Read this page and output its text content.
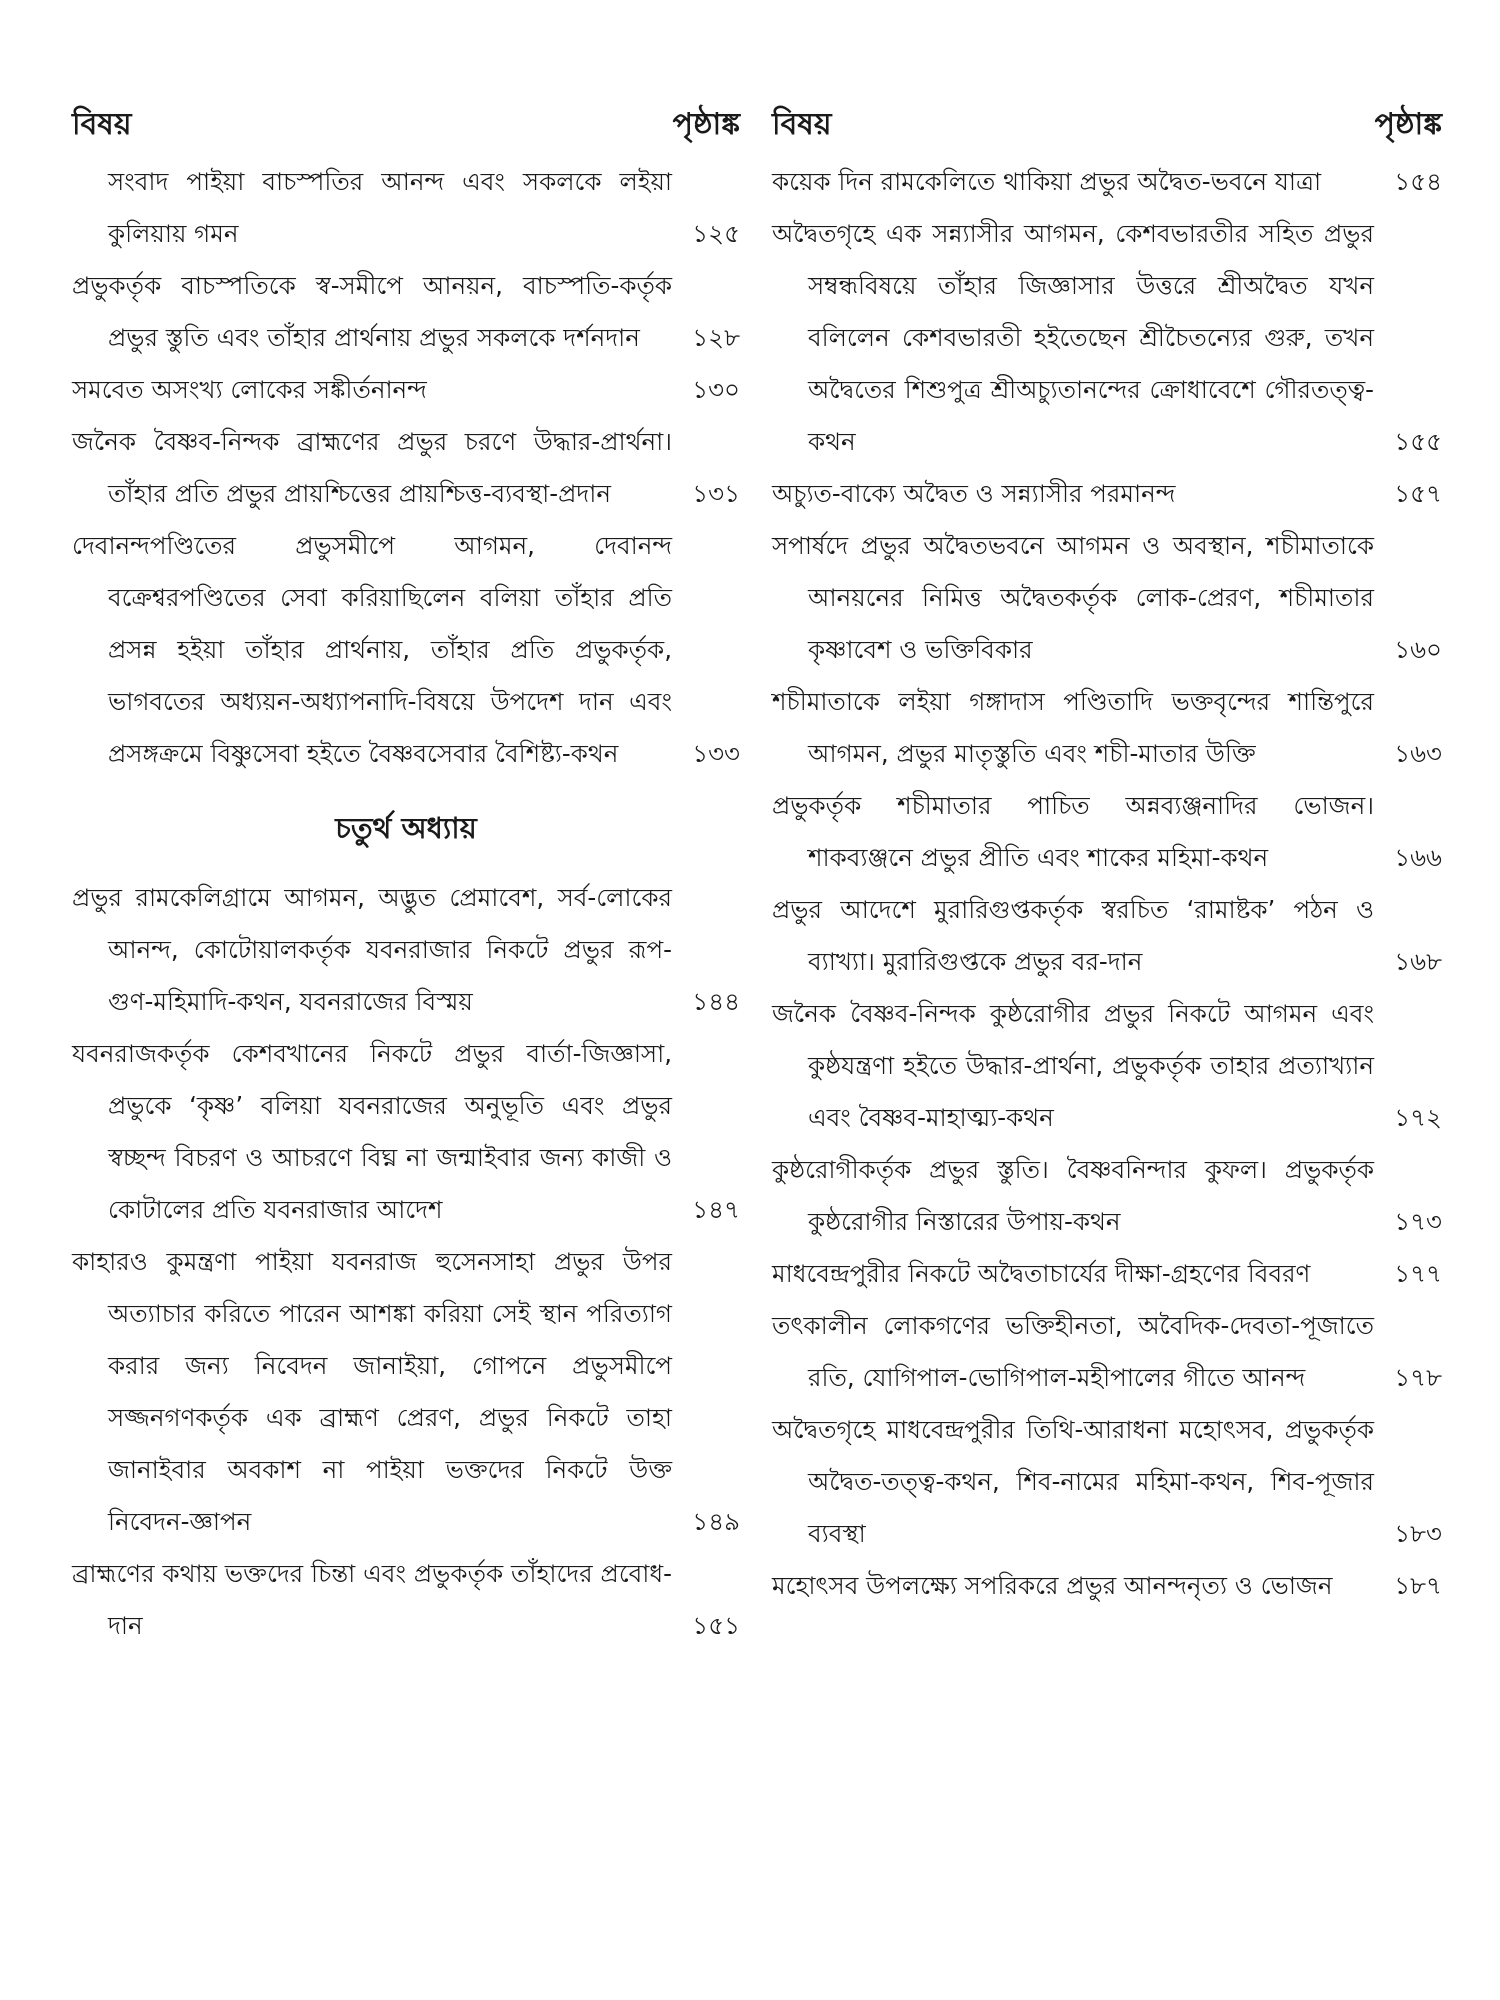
বিষয়	পৃষ্ঠাঙ্ক
সংবাদ পাইয়া বাচস্পতির আনন্দ এবং সকলকে লইয়া কুলিয়ায় গমন	১২৫
প্রভুকর্তৃক বাচস্পতিকে স্ব-সমীপে আনয়ন, বাচস্পতি-কর্তৃক প্রভুর স্তুতি এবং তাঁহার প্রার্থনায় প্রভুর সকলকে দর্শনদান	১২৮
সমবেত অসংখ্য লোকের সঙ্কীর্তনানন্দ	১৩০
জনৈক বৈষ্ণব-নিন্দক ব্রাহ্মণের প্রভুর চরণে উদ্ধার-প্রার্থনা। তাঁহার প্রতি প্রভুর প্রায়শ্চিত্তের প্রায়শ্চিত্ত-ব্যবস্থা-প্রদান	১৩১
দেবানন্দপণ্ডিতের প্রভুসমীপে আগমন, দেবানন্দ বক্রেশ্বরপণ্ডিতের সেবা করিয়াছিলেন বলিয়া তাঁহার প্রতি প্রসন্ন হইয়া তাঁহার প্রার্থনায়, তাঁহার প্রতি প্রভুকর্তৃক, ভাগবতের অধ্যয়ন-অধ্যাপনাদি-বিষয়ে উপদেশ দান এবং প্রসঙ্গক্রমে বিষ্ণুসেবা হইতে বৈষ্ণবসেবার বৈশিষ্ট্য-কথন	১৩৩
চতুর্থ অধ্যায়
প্রভুর রামকেলিগ্রামে আগমন, অদ্ভুত প্রেমাবেশ, সর্ব-লোকের আনন্দ, কোটোয়ালকর্তৃক যবনরাজার নিকটে প্রভুর রূপ-গুণ-মহিমাদি-কথন, যবনরাজের বিস্ময়	১৪৪
যবনরাজকর্তৃক কেশবখানের নিকটে প্রভুর বার্তা-জিজ্ঞাসা, প্রভুকে ‘কৃষ্ণ’ বলিয়া যবনরাজের অনুভূতি এবং প্রভুর স্বচ্ছন্দ বিচরণ ও আচরণে বিঘ্ন না জন্মাইবার জন্য কাজী ও কোটালের প্রতি যবনরাজার আদেশ	১৪৭
কাহারও কুমন্ত্রণা পাইয়া যবনরাজ হুসেনসাহা প্রভুর উপর অত্যাচার করিতে পারেন আশঙ্কা করিয়া সেই স্থান পরিত্যাগ করার জন্য নিবেদন জানাইয়া, গোপনে প্রভুসমীপে সজ্জনগণকর্তৃক এক ব্রাহ্মণ প্রেরণ, প্রভুর নিকটে তাহা জানাইবার অবকাশ না পাইয়া ভক্তদের নিকটে উক্ত নিবেদন-জ্ঞাপন	১৪৯
ব্রাহ্মণের কথায় ভক্তদের চিন্তা এবং প্রভুকর্তৃক তাঁহাদের প্রবোধ-দান	১৫১
বিষয়	পৃষ্ঠাঙ্ক
কয়েক দিন রামকেলিতে থাকিয়া প্রভুর অদ্বৈত-ভবনে যাত্রা	১৫৪
অদ্বৈতগৃহে এক সন্ন্যাসীর আগমন, কেশবভারতীর সহিত প্রভুর সম্বন্ধবিষয়ে তাঁহার জিজ্ঞাসার উত্তরে শ্রীঅদ্বৈত যখন বলিলেন কেশবভারতী হইতেছেন শ্রীচৈতন্যের গুরু, তখন অদ্বৈতের শিশুপুত্র শ্রীঅচ্যুতানন্দের ক্রোধাবেশে গৌরতত্ত্ব-কথন	১৫৫
অচ্যুত-বাক্যে অদ্বৈত ও সন্ন্যাসীর পরমানন্দ	১৫৭
সপার্ষদে প্রভুর অদ্বৈতভবনে আগমন ও অবস্থান, শচীমাতাকে আনয়নের নিমিত্ত অদ্বৈতকর্তৃক লোক-প্রেরণ, শচীমাতার কৃষ্ণাবেশ ও ভক্তিবিকার	১৬০
শচীমাতাকে লইয়া গঙ্গাদাস পণ্ডিতাদি ভক্তবৃন্দের শান্তিপুরে আগমন, প্রভুর মাতৃস্তুতি এবং শচী-মাতার উক্তি	১৬৩
প্রভুকর্তৃক শচীমাতার পাচিত অন্নব্যঞ্জনাদির ভোজন। শাকব্যঞ্জনে প্রভুর প্রীতি এবং শাকের মহিমা-কথন	১৬৬
প্রভুর আদেশে মুরারিগুপ্তকর্তৃক স্বরচিত ‘রামাষ্টক’ পঠন ও ব্যাখ্যা। মুরারিগুপ্তকে প্রভুর বর-দান	১৬৮
জনৈক বৈষ্ণব-নিন্দক কুষ্ঠরোগীর প্রভুর নিকটে আগমন এবং কুষ্ঠযন্ত্রণা হইতে উদ্ধার-প্রার্থনা, প্রভুকর্তৃক তাহার প্রত্যাখ্যান এবং বৈষ্ণব-মাহাত্ম্য-কথন	১৭২
কুষ্ঠরোগীকর্তৃক প্রভুর স্তুতি। বৈষ্ণবনিন্দার কুফল। প্রভুকর্তৃক কুষ্ঠরোগীর নিস্তারের উপায়-কথন	১৭৩
মাধবেন্দ্রপুরীর নিকটে অদ্বৈতাচার্যের দীক্ষা-গ্রহণের বিবরণ	১৭৭
তৎকালীন লোকগণের ভক্তিহীনতা, অবৈদিক-দেবতা-পূজাতে রতি, যোগিপাল-ভোগিপাল-মহীপালের গীতে আনন্দ	১৭৮
অদ্বৈতগৃহে মাধবেন্দ্রপুরীর তিথি-আরাধনা মহোৎসব, প্রভুকর্তৃক অদ্বৈত-তত্ত্ব-কথন, শিব-নামের মহিমা-কথন, শিব-পূজার ব্যবস্থা	১৮৩
মহোৎসব উপলক্ষ্যে সপরিকরে প্রভুর আনন্দনৃত্য ও ভোজন	১৮৭
